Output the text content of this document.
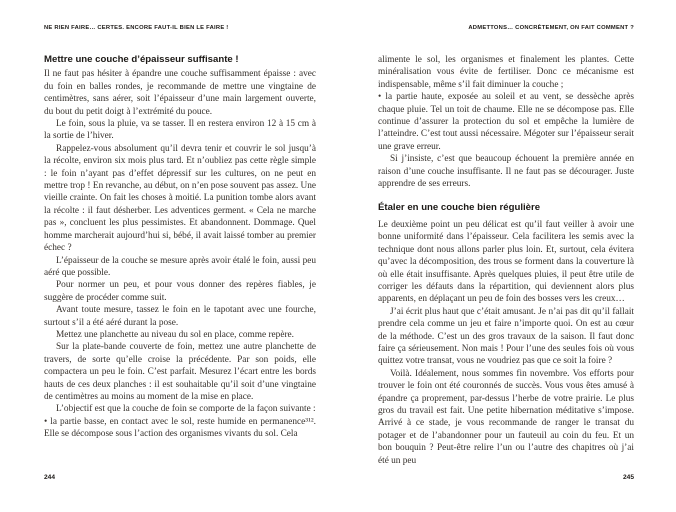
NE RIEN FAIRE… CERTES. ENCORE FAUT-IL BIEN LE FAIRE !
Mettre une couche d’épaisseur suffisante !

Il ne faut pas hésiter à épandre une couche suffisamment épaisse : avec du foin en balles rondes, je recommande de mettre une vingtaine de centimètres, sans aérer, soit l’épaisseur d’une main largement ouverte, du bout du petit doigt à l’extrémité du pouce.

Le foin, sous la pluie, va se tasser. Il en restera environ 12 à 15 cm à la sortie de l’hiver.

Rappelez-vous absolument qu’il devra tenir et couvrir le sol jusqu’à la récolte, environ six mois plus tard. Et n’oubliez pas cette règle simple : le foin n’ayant pas d’effet dépressif sur les cultures, on ne peut en mettre trop ! En revanche, au début, on n’en pose souvent pas assez. Une vieille crainte. On fait les choses à moitié. La punition tombe alors avant la récolte : il faut désherber. Les adventices germent. « Cela ne marche pas », concluent les plus pessimistes. Et abandonnent. Dommage. Quel homme marcherait aujourd’hui si, bébé, il avait laissé tomber au premier échec ?

L’épaisseur de la couche se mesure après avoir étalé le foin, aussi peu aéré que possible.

Pour normer un peu, et pour vous donner des repères fiables, je suggère de procéder comme suit.

Avant toute mesure, tassez le foin en le tapotant avec une fourche, surtout s’il a été aéré durant la pose.

Mettez une planchette au niveau du sol en place, comme repère.

Sur la plate-bande couverte de foin, mettez une autre planchette de travers, de sorte qu’elle croise la précédente. Par son poids, elle compactera un peu le foin. C’est parfait. Mesurez l’écart entre les bords hauts de ces deux planches : il est souhaitable qu’il soit d’une vingtaine de centimètres au moins au moment de la mise en place.

L’objectif est que la couche de foin se comporte de la façon suivante :

• la partie basse, en contact avec le sol, reste humide en permanence³¹². Elle se décompose sous l’action des organismes vivants du sol. Cela

244
ADMETTONS… CONCRÈTEMENT, ON FAIT COMMENT ?

alimente le sol, les organismes et finalement les plantes. Cette minéralisation vous évite de fertiliser. Donc ce mécanisme est indispensable, même s’il fait diminuer la couche ;

• la partie haute, exposée au soleil et au vent, se dessèche après chaque pluie. Tel un toit de chaume. Elle ne se décompose pas. Elle continue d’assurer la protection du sol et empêche la lumière de l’atteindre. C’est tout aussi nécessaire. Mégoter sur l’épaisseur serait une grave erreur.

Si j’insiste, c’est que beaucoup échouent la première année en raison d’une couche insuffisante. Il ne faut pas se décourager. Juste apprendre de ses erreurs.

Étaler en une couche bien régulière

Le deuxième point un peu délicat est qu’il faut veiller à avoir une bonne uniformité dans l’épaisseur. Cela facilitera les semis avec la technique dont nous allons parler plus loin. Et, surtout, cela évitera qu’avec la décomposition, des trous se forment dans la couverture là où elle était insuffisante. Après quelques pluies, il peut être utile de corriger les défauts dans la répartition, qui deviennent alors plus apparents, en déplaçant un peu de foin des bosses vers les creux…

J’ai écrit plus haut que c’était amusant. Je n’ai pas dit qu’il fallait prendre cela comme un jeu et faire n’importe quoi. On est au cœur de la méthode. C’est un des gros travaux de la saison. Il faut donc faire ça sérieusement. Non mais ! Pour l’une des seules fois où vous quittez votre transat, vous ne voudriez pas que ce soit la foire ?

Voilà. Idéalement, nous sommes fin novembre. Vos efforts pour trouver le foin ont été couronnés de succès. Vous vous êtes amusé à épandre ça proprement, par-dessus l’herbe de votre prairie. Le plus gros du travail est fait. Une petite hibernation méditative s’impose. Arrivé à ce stade, je vous recommande de ranger le transat du potager et de l’abandonner pour un fauteuil au coin du feu. Et un bon bouquin ? Peut-être relire l’un ou l’autre des chapitres où j’ai été un peu

245
